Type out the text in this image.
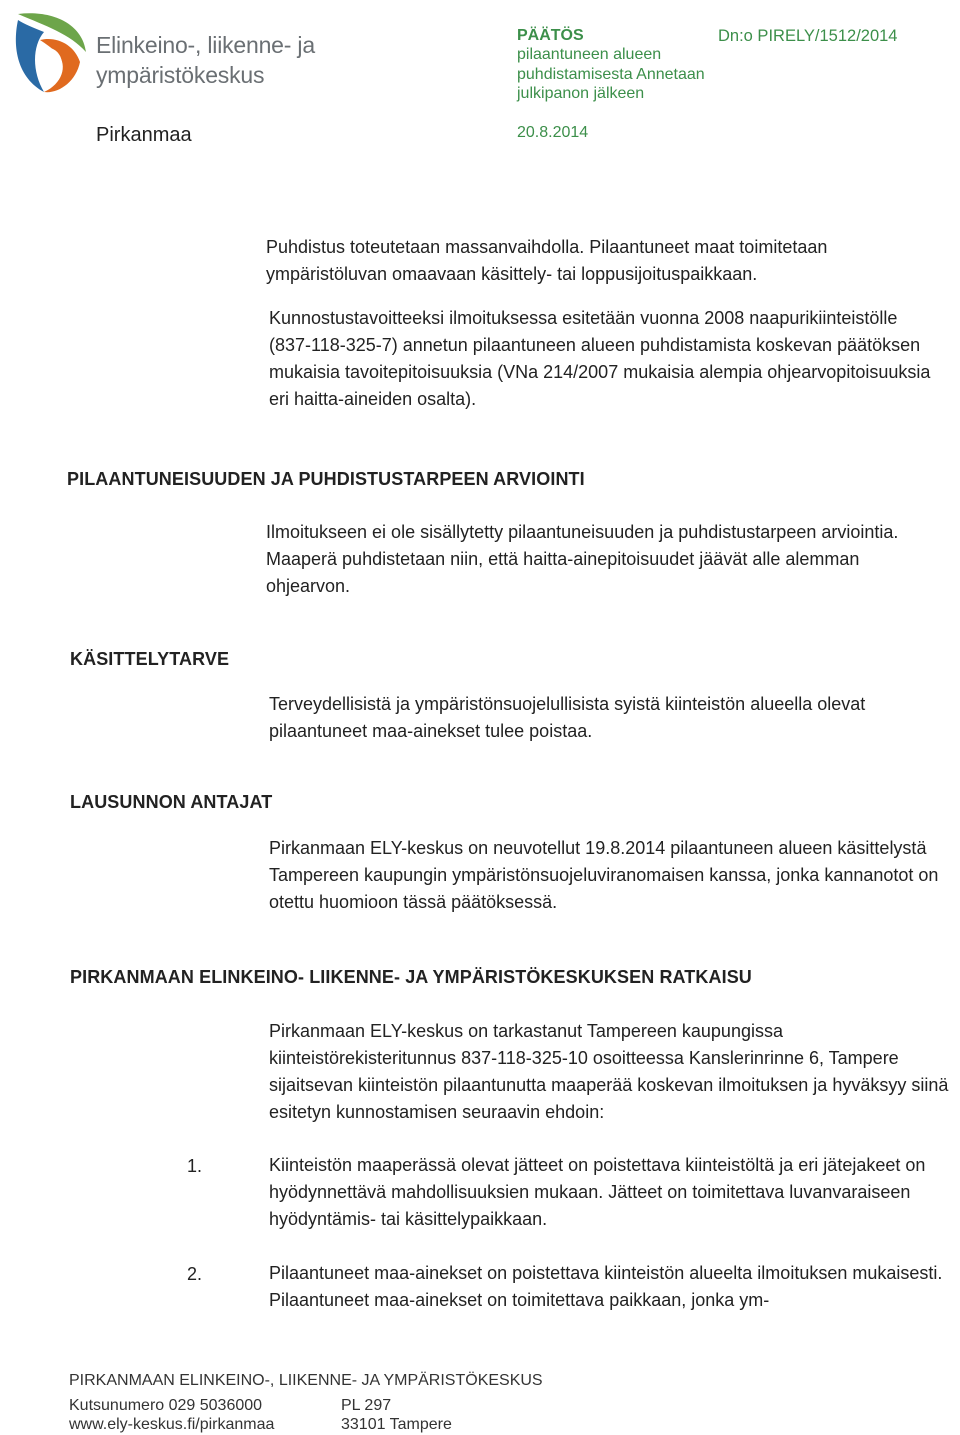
Elinkeino-, liikenne- ja
ympäristökeskus
Pirkanmaa
PÄÄTÖS
pilaantuneen alueen puhdistamisesta Annetaan julkipanon jälkeen
20.8.2014
Dn:o PIRELY/1512/2014
Puhdistus toteutetaan massanvaihdolla. Pilaantuneet maat toimitetaan ympäristöluvan omaavaan käsittely- tai loppusijoituspaikkaan.
Kunnostustavoitteeksi ilmoituksessa esitetään vuonna 2008 naapurikiinteistölle (837-118-325-7) annetun pilaantuneen alueen puhdistamista koskevan päätöksen mukaisia tavoitepitoisuuksia (VNa 214/2007 mukaisia alempia ohjearvopitoisuuksia eri haitta-aineiden osalta).
PILAANTUNEISUUDEN JA PUHDISTUSTARPEEN ARVIOINTI
Ilmoitukseen ei ole sisällytetty pilaantuneisuuden ja puhdistustarpeen arviointia. Maaperä puhdistetaan niin, että haitta-ainepitoisuudet jäävät alle alemman ohjearvon.
KÄSITTELYTARVE
Terveydellisistä ja ympäristönsuojelullisista syistä kiinteistön alueella olevat pilaantuneet maa-ainekset tulee poistaa.
LAUSUNNON ANTAJAT
Pirkanmaan ELY-keskus on neuvotellut 19.8.2014 pilaantuneen alueen käsittelystä Tampereen kaupungin ympäristönsuojeluviranomaisen kanssa, jonka kannanotot on otettu huomioon tässä päätöksessä.
PIRKANMAAN ELINKEINO- LIIKENNE- JA YMPÄRISTÖKESKUKSEN RATKAISU
Pirkanmaan ELY-keskus on tarkastanut Tampereen kaupungissa kiinteistörekisteritunnus 837-118-325-10 osoitteessa Kanslerinrinne 6, Tampere sijaitsevan kiinteistön pilaantunutta maaperää koskevan ilmoituksen ja hyväksyy siinä esitetyn kunnostamisen seuraavin ehdoin:
1.	Kiinteistön maaperässä olevat jätteet on poistettava kiinteistöltä ja eri jätejakeet on hyödynnettävä mahdollisuuksien mukaan. Jätteet on toimitettava luvanvaraiseen hyödyntämis- tai käsittelypaikkaan.
2.	Pilaantuneet maa-ainekset on poistettava kiinteistön alueelta ilmoituksen mukaisesti. Pilaantuneet maa-ainekset on toimitettava paikkaan, jonka ym-
PIRKANMAAN ELINKEINO-, LIIKENNE- JA YMPÄRISTÖKESKUS
Kutsunumero 029 5036000
www.ely-keskus.fi/pirkanmaa
PL 297
33101 Tampere
